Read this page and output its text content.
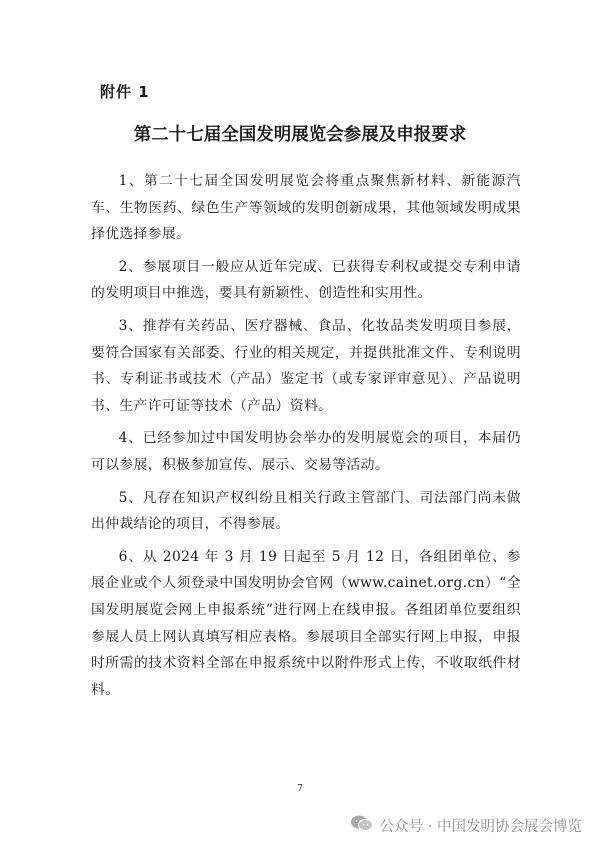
附件 1
第二十七届全国发明展览会参展及申报要求

1、第二十七届全国发明展览会将重点聚焦新材料、新能源汽车、生物医药、绿色生产等领域的发明创新成果，其他领域发明成果择优选择参展。

2、参展项目一般应从近年完成、已获得专利权或提交专利申请的发明项目中推选，要具有新颖性、创造性和实用性。

3、推荐有关药品、医疗器械、食品、化妆品类发明项目参展，要符合国家有关部委、行业的相关规定，并提供批准文件、专利说明书、专利证书或技术（产品）鉴定书（或专家评审意见）、产品说明书、生产许可证等技术（产品）资料。

4、已经参加过中国发明协会举办的发明展览会的项目，本届仍可以参展，积极参加宣传、展示、交易等活动。

5、凡存在知识产权纠纷且相关行政主管部门、司法部门尚未做出仲裁结论的项目，不得参展。

6、从 2024 年 3 月 19 日起至 5 月 12 日，各组团单位、参展企业或个人须登录中国发明协会官网（www.cainet.org.cn）“全国发明展览会网上申报系统”进行网上在线申报。各组团单位要组织参展人员上网认真填写相应表格。参展项目全部实行网上申报，申报时所需的技术资料全部在申报系统中以附件形式上传，不收取纸件材料。

7
公众号 · 中国发明协会展会博览
